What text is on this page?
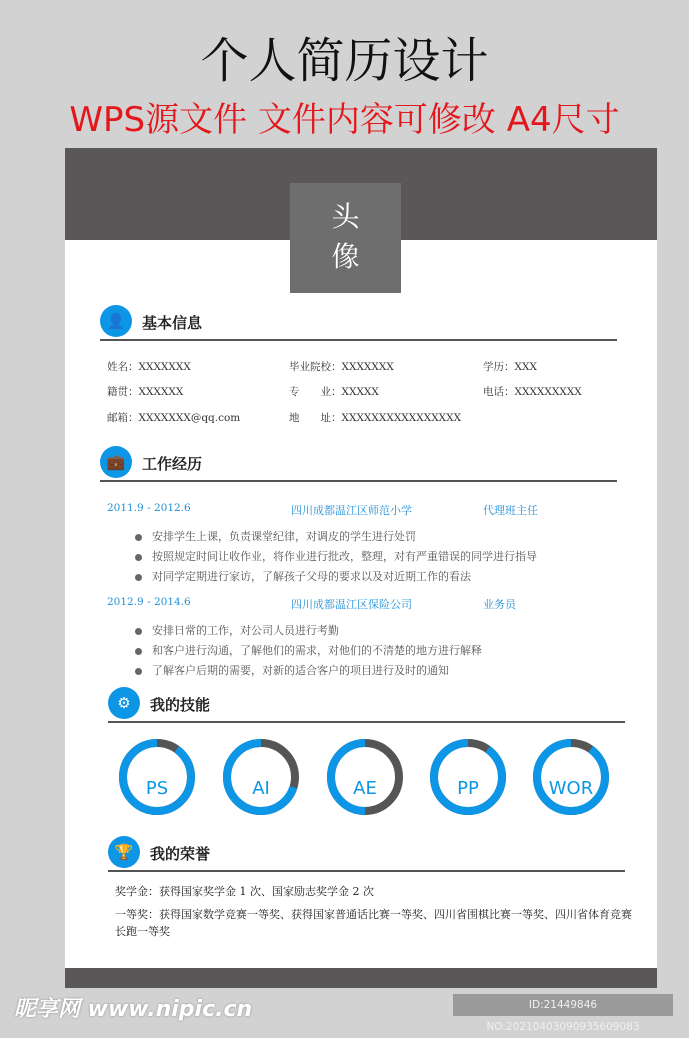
个人简历设计
WPS源文件 文件内容可修改 A4尺寸
头
像
👤	基本信息
姓名：XXXXXXX	毕业院校：XXXXXXX	学历：XXX
籍贯：XXXXXX	专　　业：XXXXX	电话：XXXXXXXXX
邮箱：XXXXXXX@qq.com	地　　址：XXXXXXXXXXXXXXXX
💼	工作经历
2011.9 - 2012.6	四川成都温江区师范小学	代理班主任
安排学生上课，负责课堂纪律，对调皮的学生进行处罚
按照规定时间让收作业，将作业进行批改，整理，对有严重错误的同学进行指导
对同学定期进行家访，了解孩子父母的要求以及对近期工作的看法
2012.9 - 2014.6	四川成都温江区保险公司	业务员
安排日常的工作，对公司人员进行考勤
和客户进行沟通，了解他们的需求，对他们的不清楚的地方进行解释
了解客户后期的需要，对新的适合客户的项目进行及时的通知
⚙	我的技能
PS	AI	AE	PP	WOR
🏆	我的荣誉
奖学金：获得国家奖学金 1 次、国家励志奖学金 2 次
一等奖：获得国家数学竞赛一等奖、获得国家普通话比赛一等奖、四川省围棋比赛一等奖、四川省体育竞赛长跑一等奖
昵享网 www.nipic.cn	ID:21449846 NO:20210403090935609083
